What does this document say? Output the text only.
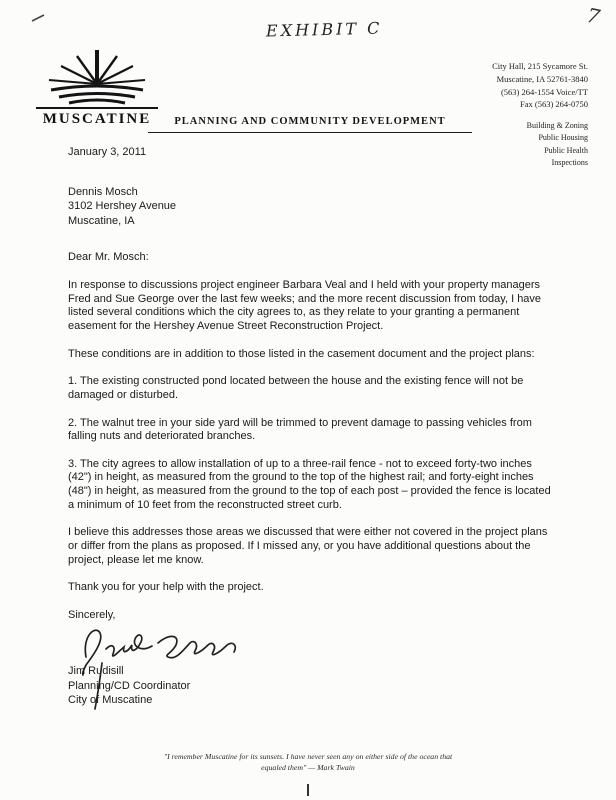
EXHIBIT C
7
MUSCATINE
City Hall, 215 Sycamore St.
Muscatine, IA 52761-3840
(563) 264-1554 Voice/TT
Fax (563) 264-0750
PLANNING AND COMMUNITY DEVELOPMENT	Building & Zoning
Public Housing
Public Health
Inspections

January 3, 2011

Dennis Mosch
3102 Hershey Avenue
Muscatine, IA

Dear Mr. Mosch:

In response to discussions project engineer Barbara Veal and I held with your property managers Fred and Sue George over the last few weeks; and the more recent discussion from today, I have listed several conditions which the city agrees to, as they relate to your granting a permanent easement for the Hershey Avenue Street Reconstruction Project.

These conditions are in addition to those listed in the casement document and the project plans:

1. The existing constructed pond located between the house and the existing fence will not be damaged or disturbed.

2. The walnut tree in your side yard will be trimmed to prevent damage to passing vehicles from falling nuts and deteriorated branches.

3. The city agrees to allow installation of up to a three-rail fence - not to exceed forty-two inches (42") in height, as measured from the ground to the top of the highest rail; and forty-eight inches (48") in height, as measured from the ground to the top of each post – provided the fence is located a minimum of 10 feet from the reconstructed street curb.

I believe this addresses those areas we discussed that were either not covered in the project plans or differ from the plans as proposed. If I missed any, or you have additional questions about the project, please let me know.

Thank you for your help with the project.

Sincerely,

Jim Rudisill
Planning/CD Coordinator
City of Muscatine
"I remember Muscatine for its sunsets. I have never seen any on either side of the ocean that equaled them" — Mark Twain
